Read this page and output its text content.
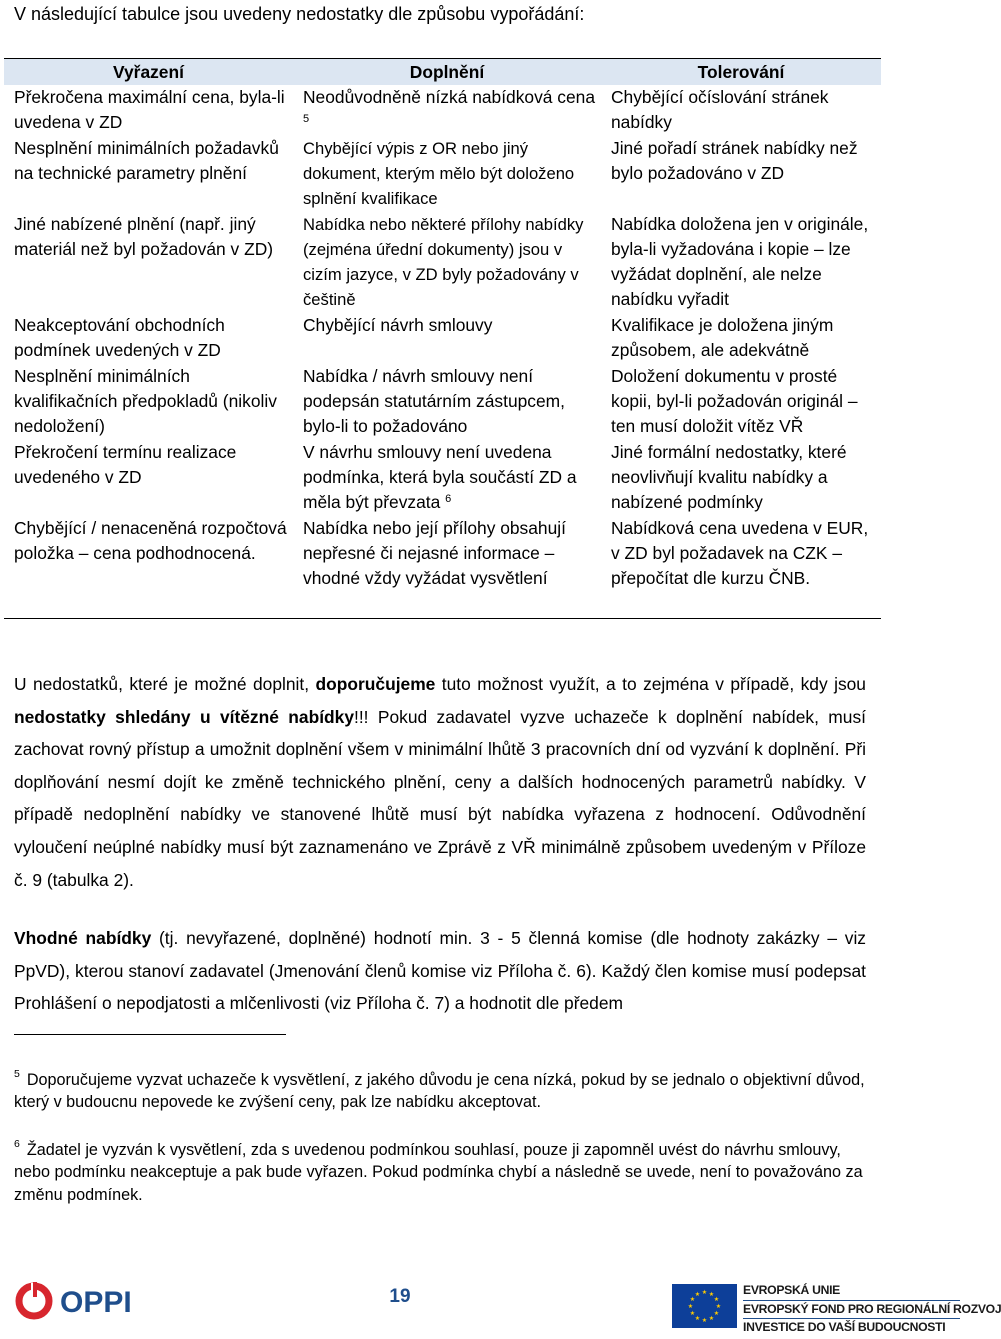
V následující tabulce jsou uvedeny nedostatky dle způsobu vypořádání:
Vyřazení	Doplnění	Tolerování
Překročena maximální cena, byla-li uvedena v ZD	Neodůvodněně nízká nabídková cena $^5$	Chybějící očíslování stránek nabídky
Nesplnění minimálních požadavků na technické parametry plnění	Chybějící výpis z OR nebo jiný dokument, kterým mělo být doloženo splnění kvalifikace	Jiné pořadí stránek nabídky než bylo požadováno v ZD
Jiné nabízené plnění (např. jiný materiál než byl požadován v ZD)	Nabídka nebo některé přílohy nabídky (zejména úřední dokumenty) jsou v cizím jazyce, v ZD byly požadovány v češtině	Nabídka doložena jen v originále, byla-li vyžadována i kopie – lze vyžádat doplnění, ale nelze nabídku vyřadit
Neakceptování obchodních podmínek uvedených v ZD	Chybějící návrh smlouvy	Kvalifikace je doložena jiným způsobem, ale adekvátně
Nesplnění minimálních kvalifikačních předpokladů (nikoliv nedoložení)	Nabídka / návrh smlouvy není podepsán statutárním zástupcem, bylo-li to požadováno	Doložení dokumentu v prosté kopii, byl-li požadován originál – ten musí doložit vítěz VŘ
Překročení termínu realizace uvedeného v ZD	V návrhu smlouvy není uvedena podmínka, která byla součástí ZD a měla být převzata $^6$	Jiné formální nedostatky, které neovlivňují kvalitu nabídky a nabízené podmínky
Chybějící / nenaceněná rozpočtová položka – cena podhodnocená.	Nabídka nebo její přílohy obsahují nepřesné či nejasné informace – vhodné vždy vyžádat vysvětlení	Nabídková cena uvedena v EUR, v ZD byl požadavek na CZK – přepočítat dle kurzu ČNB.

U nedostatků, které je možné doplnit, doporučujeme tuto možnost využít, a to zejména v případě, kdy jsou nedostatky shledány u vítězné nabídky!!! Pokud zadavatel vyzve uchazeče k doplnění nabídek, musí zachovat rovný přístup a umožnit doplnění všem v minimální lhůtě 3 pracovních dní od vyzvání k doplnění. Při doplňování nesmí dojít ke změně technického plnění, ceny a dalších hodnocených parametrů nabídky. V případě nedoplnění nabídky ve stanovené lhůtě musí být nabídka vyřazena z hodnocení. Odůvodnění vyloučení neúplné nabídky musí být zaznamenáno ve Zprávě z VŘ minimálně způsobem uvedeným v Příloze č. 9 (tabulka 2).

Vhodné nabídky (tj. nevyřazené, doplněné) hodnotí min. 3 - 5 členná komise (dle hodnoty zakázky – viz PpVD), kterou stanoví zadavatel (Jmenování členů komise viz Příloha č. 6). Každý člen komise musí podepsat Prohlášení o nepodjatosti a mlčenlivosti (viz Příloha č. 7) a hodnotit dle předem

$^5$ Doporučujeme vyzvat uchazeče k vysvětlení, z jakého důvodu je cena nízká, pokud by se jednalo o objektivní důvod, který v budoucnu nepovede ke zvýšení ceny, pak lze nabídku akceptovat.

$^6$ Žadatel je vyzván k vysvětlení, zda s uvedenou podmínkou souhlasí, pouze ji zapomněl uvést do návrhu smlouvy, nebo podmínku neakceptuje a pak bude vyřazen. Pokud podmínka chybí a následně se uvede, není to považováno za změnu podmínek.

OPPI	19	★ ★
★
★
★
★
★
★
★
★
★
★	EVROPSKÁ UNIE
EVROPSKÝ FOND PRO REGIONÁLNÍ ROZVOJ
INVESTICE DO VAŠÍ BUDOUCNOSTI
